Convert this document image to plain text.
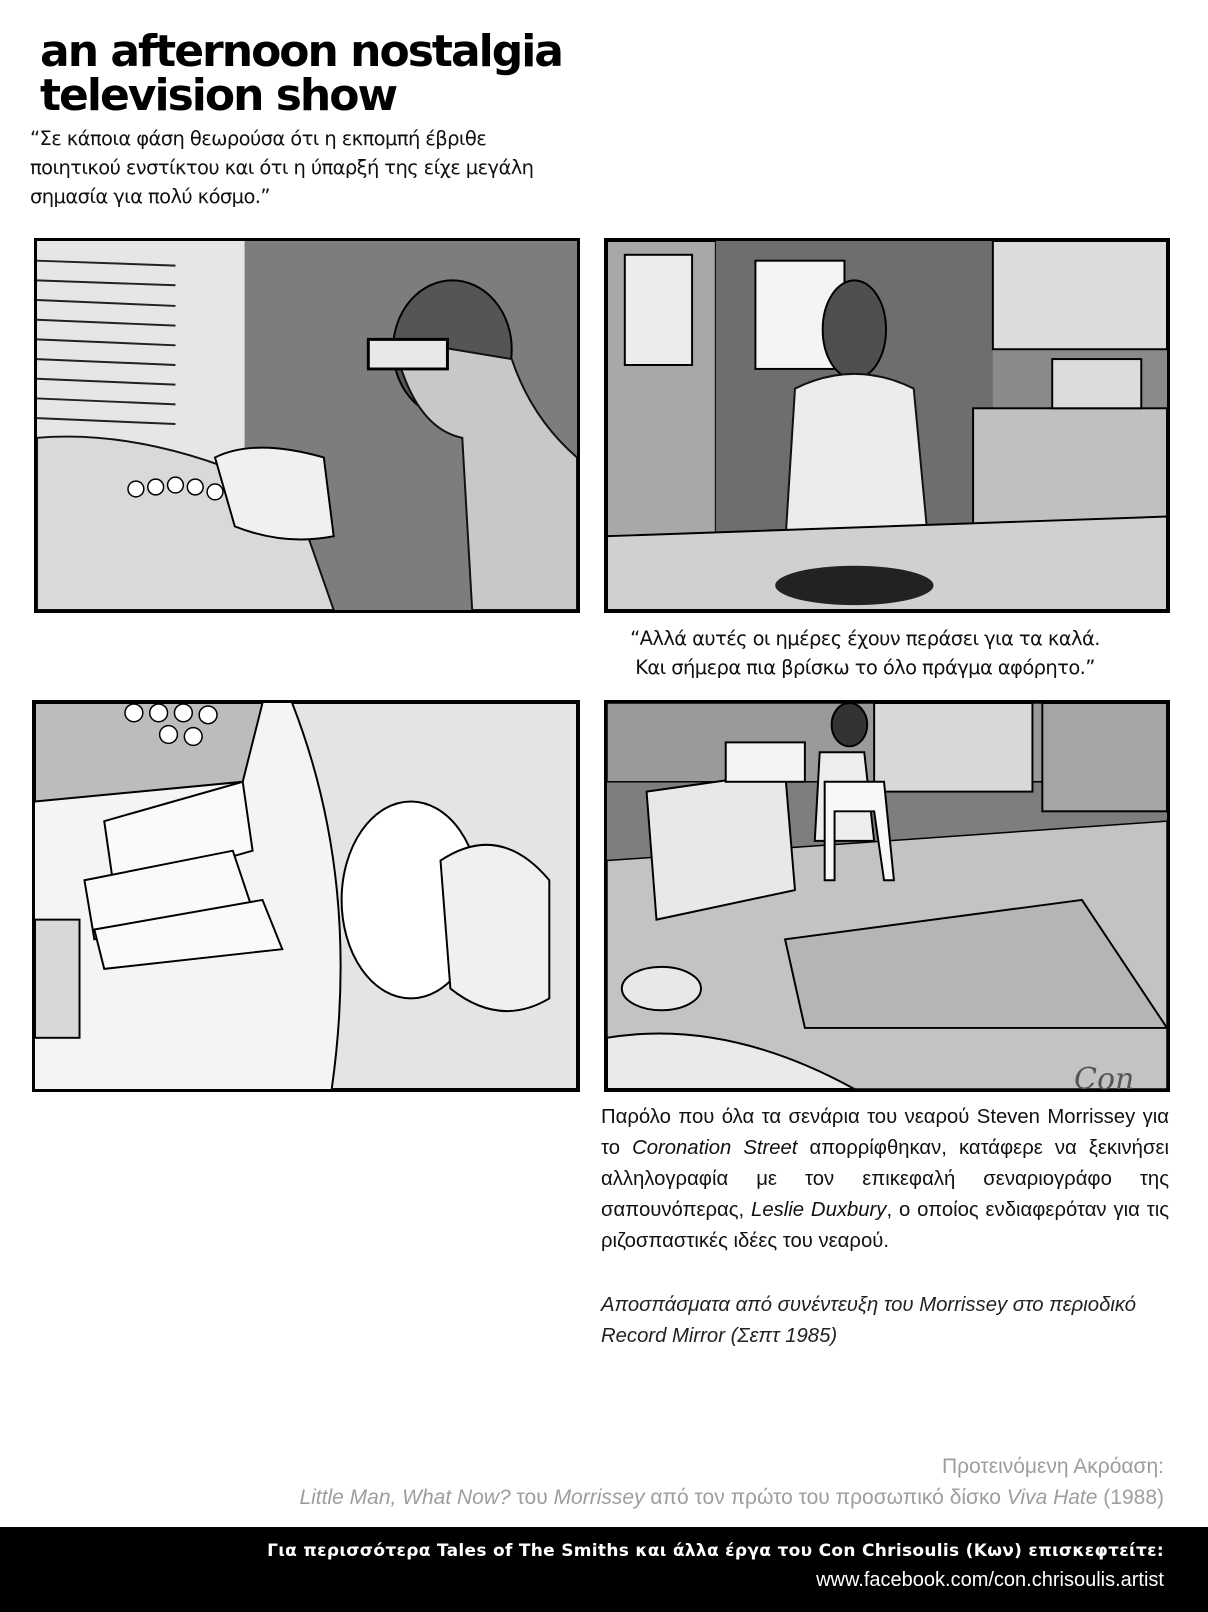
an afternoon nostalgia
television show
“Σε κάποια φάση θεωρούσα ότι η εκπομπή έβριθε ποιητικού ενστίκτου και ότι η ύπαρξή της είχε μεγάλη σημασία για πολύ κόσμο.”
“Αλλά αυτές οι ημέρες έχουν περάσει για τα καλά.
Και σήμερα πια βρίσκω το όλο πράγμα αφόρητο.”
Con
Παρόλο που όλα τα σενάρια του νεαρού Steven Morrissey για το Coronation Street απορρίφθηκαν, κατάφερε να ξεκινήσει αλληλογραφία με τον επικεφαλή σεναριογράφο της σαπουνόπερας, Leslie Duxbury, ο οποίος ενδιαφερόταν για τις ριζοσπαστικές ιδέες του νεαρού.
Αποσπάσματα από συνέντευξη του Morrissey στο περιοδικό Record Mirror (Σεπτ 1985)
Προτεινόμενη Ακρόαση:
Little Man, What Now? του Morrissey από τον πρώτο του προσωπικό δίσκο Viva Hate (1988)
Για περισσότερα Tales of The Smiths και άλλα έργα του Con Chrisoulis (Κων) επισκεφτείτε:
www.facebook.com/con.chrisoulis.artist
